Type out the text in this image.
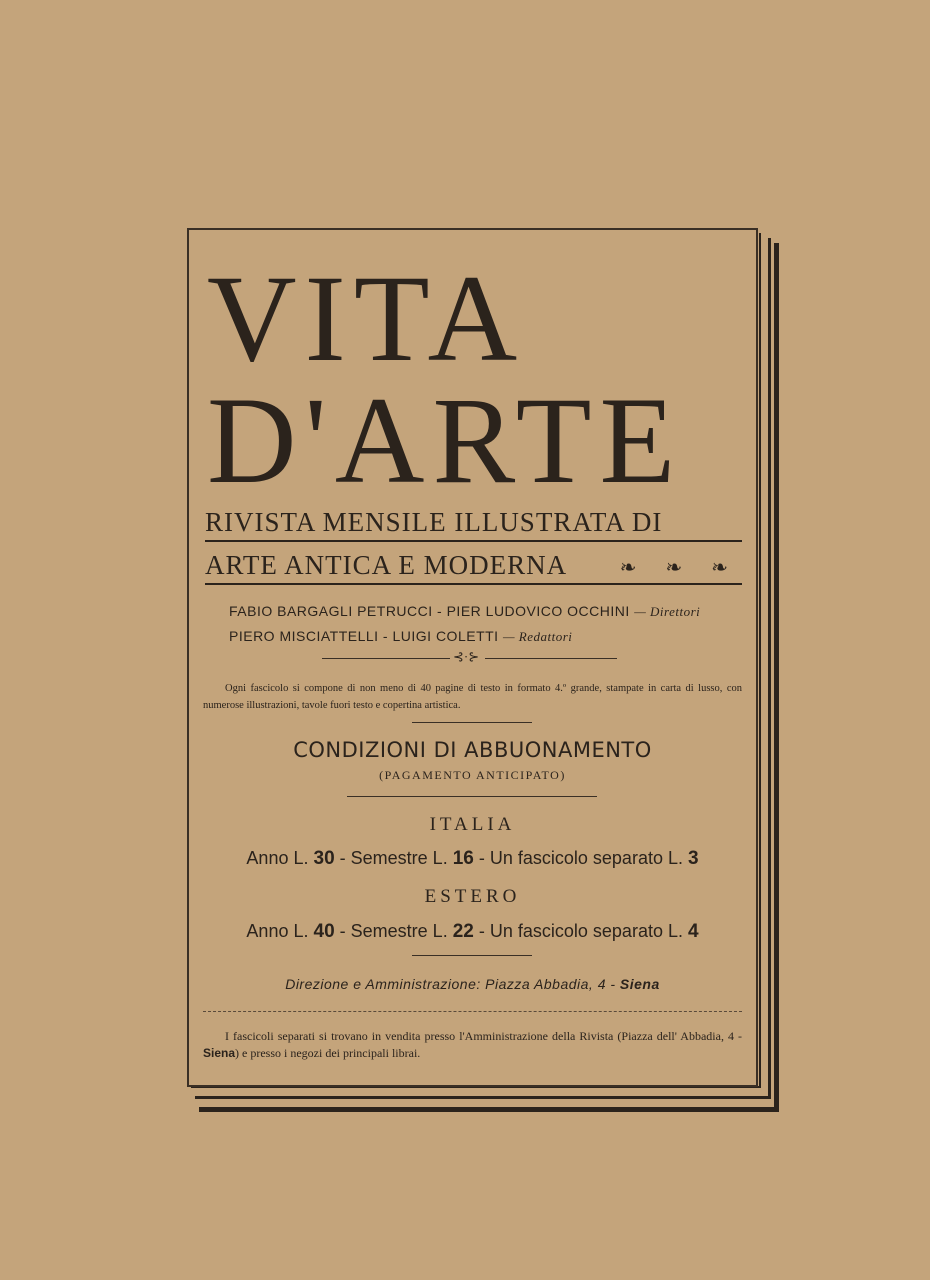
VITA
D'ARTE
RIVISTA MENSILE ILLUSTRATA DI
ARTE ANTICA E MODERNA	❧ ❧ ❧
FABIO BARGAGLI PETRUCCI - PIER LUDOVICO OCCHINI — Direttori
PIERO MISCIATTELLI - LUIGI COLETTI — Redattori
⊰·⊱
Ogni fascicolo si compone di non meno di 40 pagine di testo in formato 4.º grande, stampate in carta di lusso, con numerose illustrazioni, tavole fuori testo e copertina artistica.
CONDIZIONI DI ABBUONAMENTO
(PAGAMENTO ANTICIPATO)
ITALIA
Anno L. 30 - Semestre L. 16 - Un fascicolo separato L. 3
ESTERO
Anno L. 40 - Semestre L. 22 - Un fascicolo separato L. 4
Direzione e Amministrazione: Piazza Abbadia, 4 - Siena
I fascicoli separati si trovano in vendita presso l'Amministrazione della Rivista (Piazza dell' Abbadia, 4 - Siena) e presso i negozi dei principali librai.
